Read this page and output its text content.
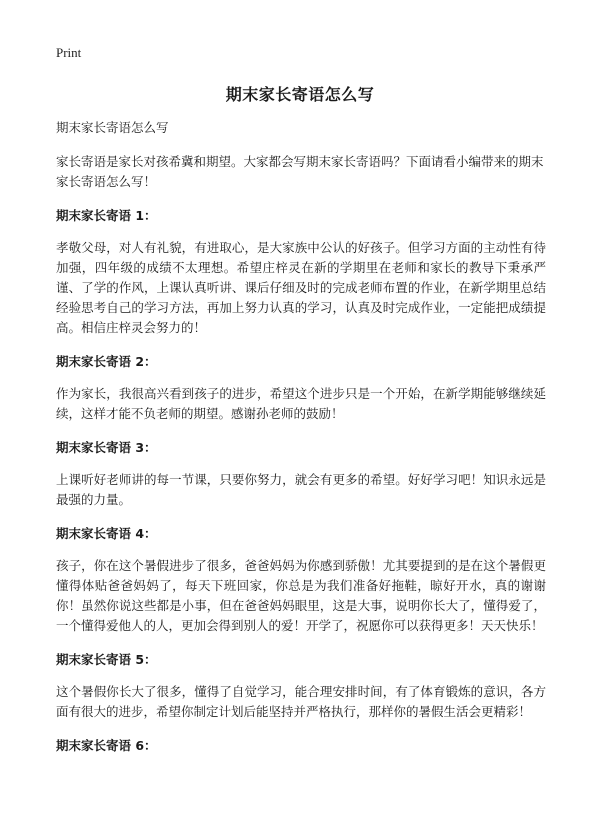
Print
期末家长寄语怎么写

期末家长寄语怎么写

家长寄语是家长对孩希冀和期望。大家都会写期末家长寄语吗？下面请看小编带来的期末家长寄语怎么写！

期末家长寄语 1：

孝敬父母，对人有礼貌，有进取心，是大家族中公认的好孩子。但学习方面的主动性有待加强，四年级的成绩不太理想。希望庄梓灵在新的学期里在老师和家长的教导下秉承严谨、了学的作风，上课认真听讲、课后仔细及时的完成老师布置的作业，在新学期里总结经验思考自己的学习方法，再加上努力认真的学习，认真及时完成作业，一定能把成绩提高。相信庄梓灵会努力的！

期末家长寄语 2：

作为家长，我很高兴看到孩子的进步，希望这个进步只是一个开始，在新学期能够继续延续，这样才能不负老师的期望。感谢孙老师的鼓励！

期末家长寄语 3：

上课听好老师讲的每一节课，只要你努力，就会有更多的希望。好好学习吧！知识永远是最强的力量。

期末家长寄语 4：

孩子，你在这个暑假进步了很多，爸爸妈妈为你感到骄傲！尤其要提到的是在这个暑假更懂得体贴爸爸妈妈了，每天下班回家，你总是为我们准备好拖鞋，晾好开水，真的谢谢你！虽然你说这些都是小事，但在爸爸妈妈眼里，这是大事，说明你长大了，懂得爱了，一个懂得爱他人的人，更加会得到别人的爱！开学了，祝愿你可以获得更多！天天快乐！

期末家长寄语 5：

这个暑假你长大了很多，懂得了自觉学习，能合理安排时间，有了体育锻炼的意识，各方面有很大的进步，希望你制定计划后能坚持并严格执行，那样你的暑假生活会更精彩！

期末家长寄语 6：
